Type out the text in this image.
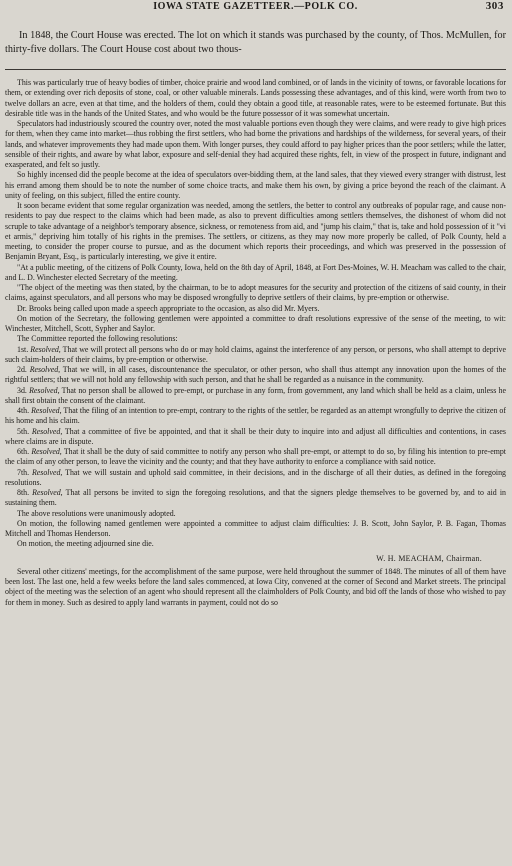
IOWA STATE GAZETTEER.—POLK CO.	303

In 1848, the Court House was erected. The lot on which it stands was purchased by the county, of Thos. McMullen, for thirty-five dollars. The Court House cost about two thous-

This was particularly true of heavy bodies of timber, choice prairie and wood land combined, or of lands in the vicinity of towns, or favorable locations for them, or extending over rich deposits of stone, coal, or other valuable minerals. Lands possessing these advantages, and of this kind, were worth from two to twelve dollars an acre, even at that time, and the holders of them, could they obtain a good title, at reasonable rates, were to be esteemed fortunate. But this desirable title was in the hands of the United States, and who would be the future possessor of it was somewhat uncertain.

Speculators had industriously scoured the country over, noted the most valuable portions even though they were claims, and were ready to give high prices for them, when they came into market—thus robbing the first settlers, who had borne the privations and hardships of the wilderness, for several years, of their lands, and whatever improvements they had made upon them. With longer purses, they could afford to pay higher prices than the poor settlers; while the latter, sensible of their rights, and aware by what labor, exposure and self-denial they had acquired these rights, felt, in view of the prospect in future, indignant and exasperated, and felt so justly.

So highly incensed did the people become at the idea of speculators over-bidding them, at the land sales, that they viewed every stranger with distrust, lest his errand among them should be to note the number of some choice tracts, and make them his own, by giving a price beyond the reach of the claimant. A unity of feeling, on this subject, filled the entire county.

It soon became evident that some regular organization was needed, among the settlers, the better to control any outbreaks of popular rage, and cause non-residents to pay due respect to the claims which had been made, as also to prevent difficulties among settlers themselves, the dishonest of whom did not scruple to take advantage of a neighbor's temporary absence, sickness, or remoteness from aid, and "jump his claim," that is, take and hold possession of it "vi et armis," depriving him totally of his rights in the premises. The settlers, or citizens, as they may now more properly be called, of Polk County, held a meeting, to consider the proper course to pursue, and as the document which reports their proceedings, and which was preserved in the possession of Benjamin Bryant, Esq., is particularly interesting, we give it entire.

"At a public meeting, of the citizens of Polk County, Iowa, held on the 8th day of April, 1848, at Fort Des-Moines, W. H. Meacham was called to the chair, and L. D. Winchester elected Secretary of the meeting.

"The object of the meeting was then stated, by the chairman, to be to adopt measures for the security and protection of the citizens of said county, in their claims, against speculators, and all persons who may be disposed wrongfully to deprive settlers of their claims, by pre-emption or otherwise.

Dr. Brooks being called upon made a speech appropriate to the occasion, as also did Mr. Myers.

On motion of the Secretary, the following gentlemen were appointed a committee to draft resolutions expressive of the sense of the meeting, to wit: Winchester, Mitchell, Scott, Sypher and Saylor.

The Committee reported the following resolutions:

1st. Resolved, That we will protect all persons who do or may hold claims, against the interference of any person, or persons, who shall attempt to deprive such claim-holders of their claims, by pre-emption or otherwise.

2d. Resolved, That we will, in all cases, discountenance the speculator, or other person, who shall thus attempt any innovation upon the homes of the rightful settlers; that we will not hold any fellowship with such person, and that he shall be regarded as a nuisance in the community.

3d. Resolved, That no person shall be allowed to pre-empt, or purchase in any form, from government, any land which shall be held as a claim, unless he shall first obtain the consent of the claimant.

4th. Resolved, That the filing of an intention to pre-empt, contrary to the rights of the settler, be regarded as an attempt wrongfully to deprive the citizen of his home and his claim.

5th. Resolved, That a committee of five be appointed, and that it shall be their duty to inquire into and adjust all difficulties and contentions, in cases where claims are in dispute.

6th. Resolved, That it shall be the duty of said committee to notify any person who shall pre-empt, or attempt to do so, by filing his intention to pre-empt the claim of any other person, to leave the vicinity and the county; and that they have authority to enforce a compliance with said notice.

7th. Resolved, That we will sustain and uphold said committee, in their decisions, and in the discharge of all their duties, as defined in the foregoing resolutions.

8th. Resolved, That all persons be invited to sign the foregoing resolutions, and that the signers pledge themselves to be governed by, and to aid in sustaining them.

The above resolutions were unanimously adopted.

On motion, the following named gentlemen were appointed a committee to adjust claim difficulties: J. B. Scott, John Saylor, P. B. Fagan, Thomas Mitchell and Thomas Henderson.

On motion, the meeting adjourned sine die.

W. H. MEACHAM, Chairman.

Several other citizens' meetings, for the accomplishment of the same purpose, were held throughout the summer of 1848. The minutes of all of them have been lost. The last one, held a few weeks before the land sales commenced, at Iowa City, convened at the corner of Second and Market streets. The principal object of the meeting was the selection of an agent who should represent all the claimholders of Polk County, and bid off the lands of those who wished to pay for them in money. Such as desired to apply land warrants in payment, could not do so
